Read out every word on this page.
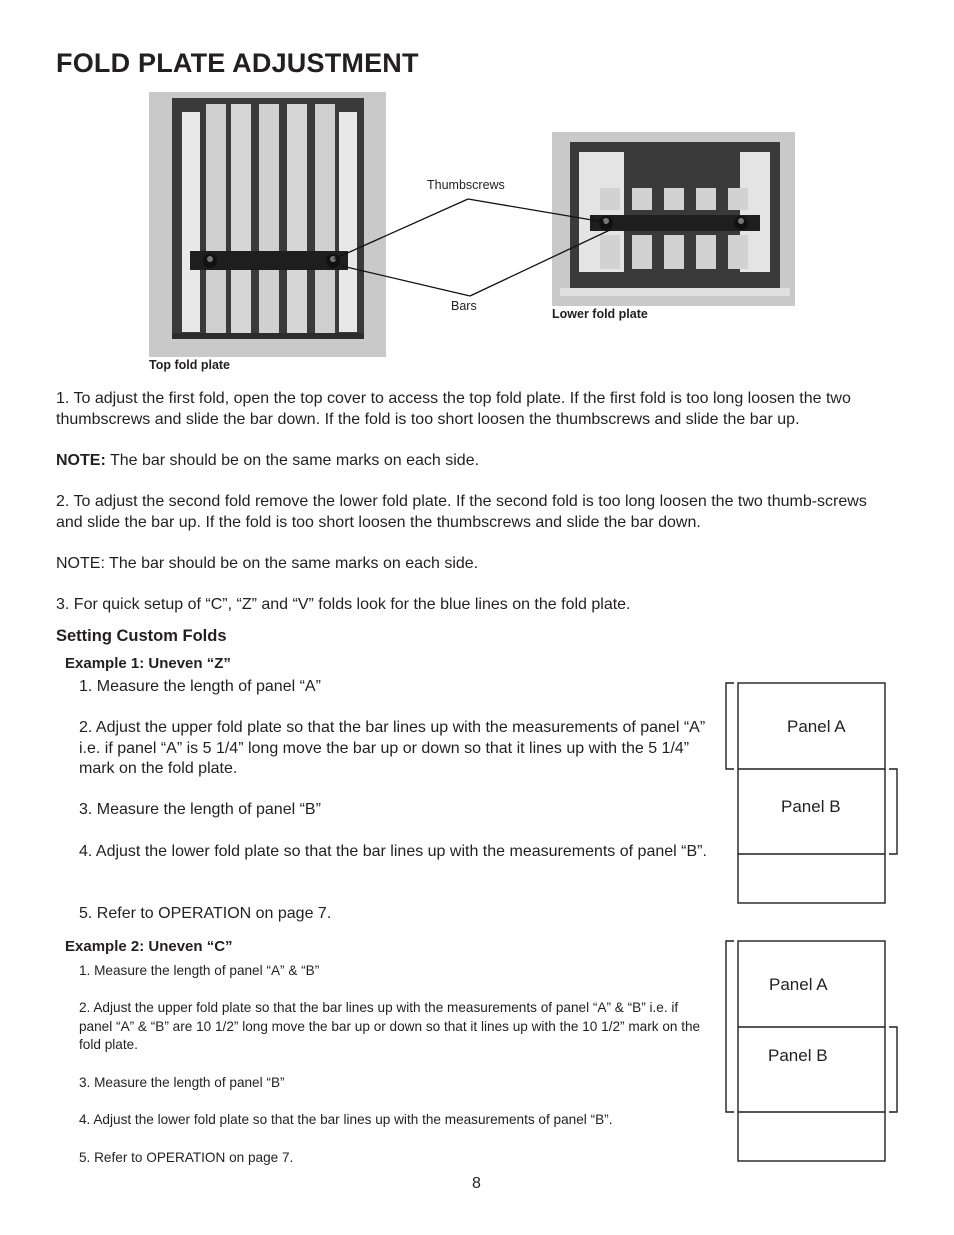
FOLD PLATE ADJUSTMENT
Thumbscrews
Bars
Lower fold plate
Top fold plate

1. To adjust the first fold, open the top cover to access the top fold plate. If the first fold is too long loosen the two thumbscrews and slide the bar down. If the fold is too short loosen the thumbscrews and slide the bar up.

NOTE: The bar should be on the same marks on each side.

2. To adjust the second fold remove the lower fold plate. If the second fold is too long loosen the two thumb-screws and slide the bar up. If the fold is too short loosen the thumbscrews and slide the bar down.

NOTE: The bar should be on the same marks on each side.

3. For quick setup of “C”, “Z” and “V” folds look for the blue lines on the fold plate.

Setting Custom Folds
Example 1: Uneven “Z”

1. Measure the length of panel “A”

2. Adjust the upper fold plate so that the bar lines up with the measurements of panel “A” i.e. if panel “A” is 5 1/4” long move the bar up or down so that it lines up with the 5 1/4” mark on the fold plate.

3. Measure the length of panel “B”

4. Adjust the lower fold plate so that the bar lines up with the measurements of panel “B”.

5. Refer to OPERATION on page 7.

Panel A
Panel B
Example 2: Uneven “C”

1. Measure the length of panel “A” & “B”

2. Adjust the upper fold plate so that the bar lines up with the measurements of panel “A” & “B” i.e. if panel “A” & “B” are 10 1/2” long move the bar up or down so that it lines up with the 10 1/2” mark on the fold plate.

3. Measure the length of panel “B”

4. Adjust the lower fold plate so that the bar lines up with the measurements of panel “B”.

5. Refer to OPERATION on page 7.

Panel A
Panel B
8
